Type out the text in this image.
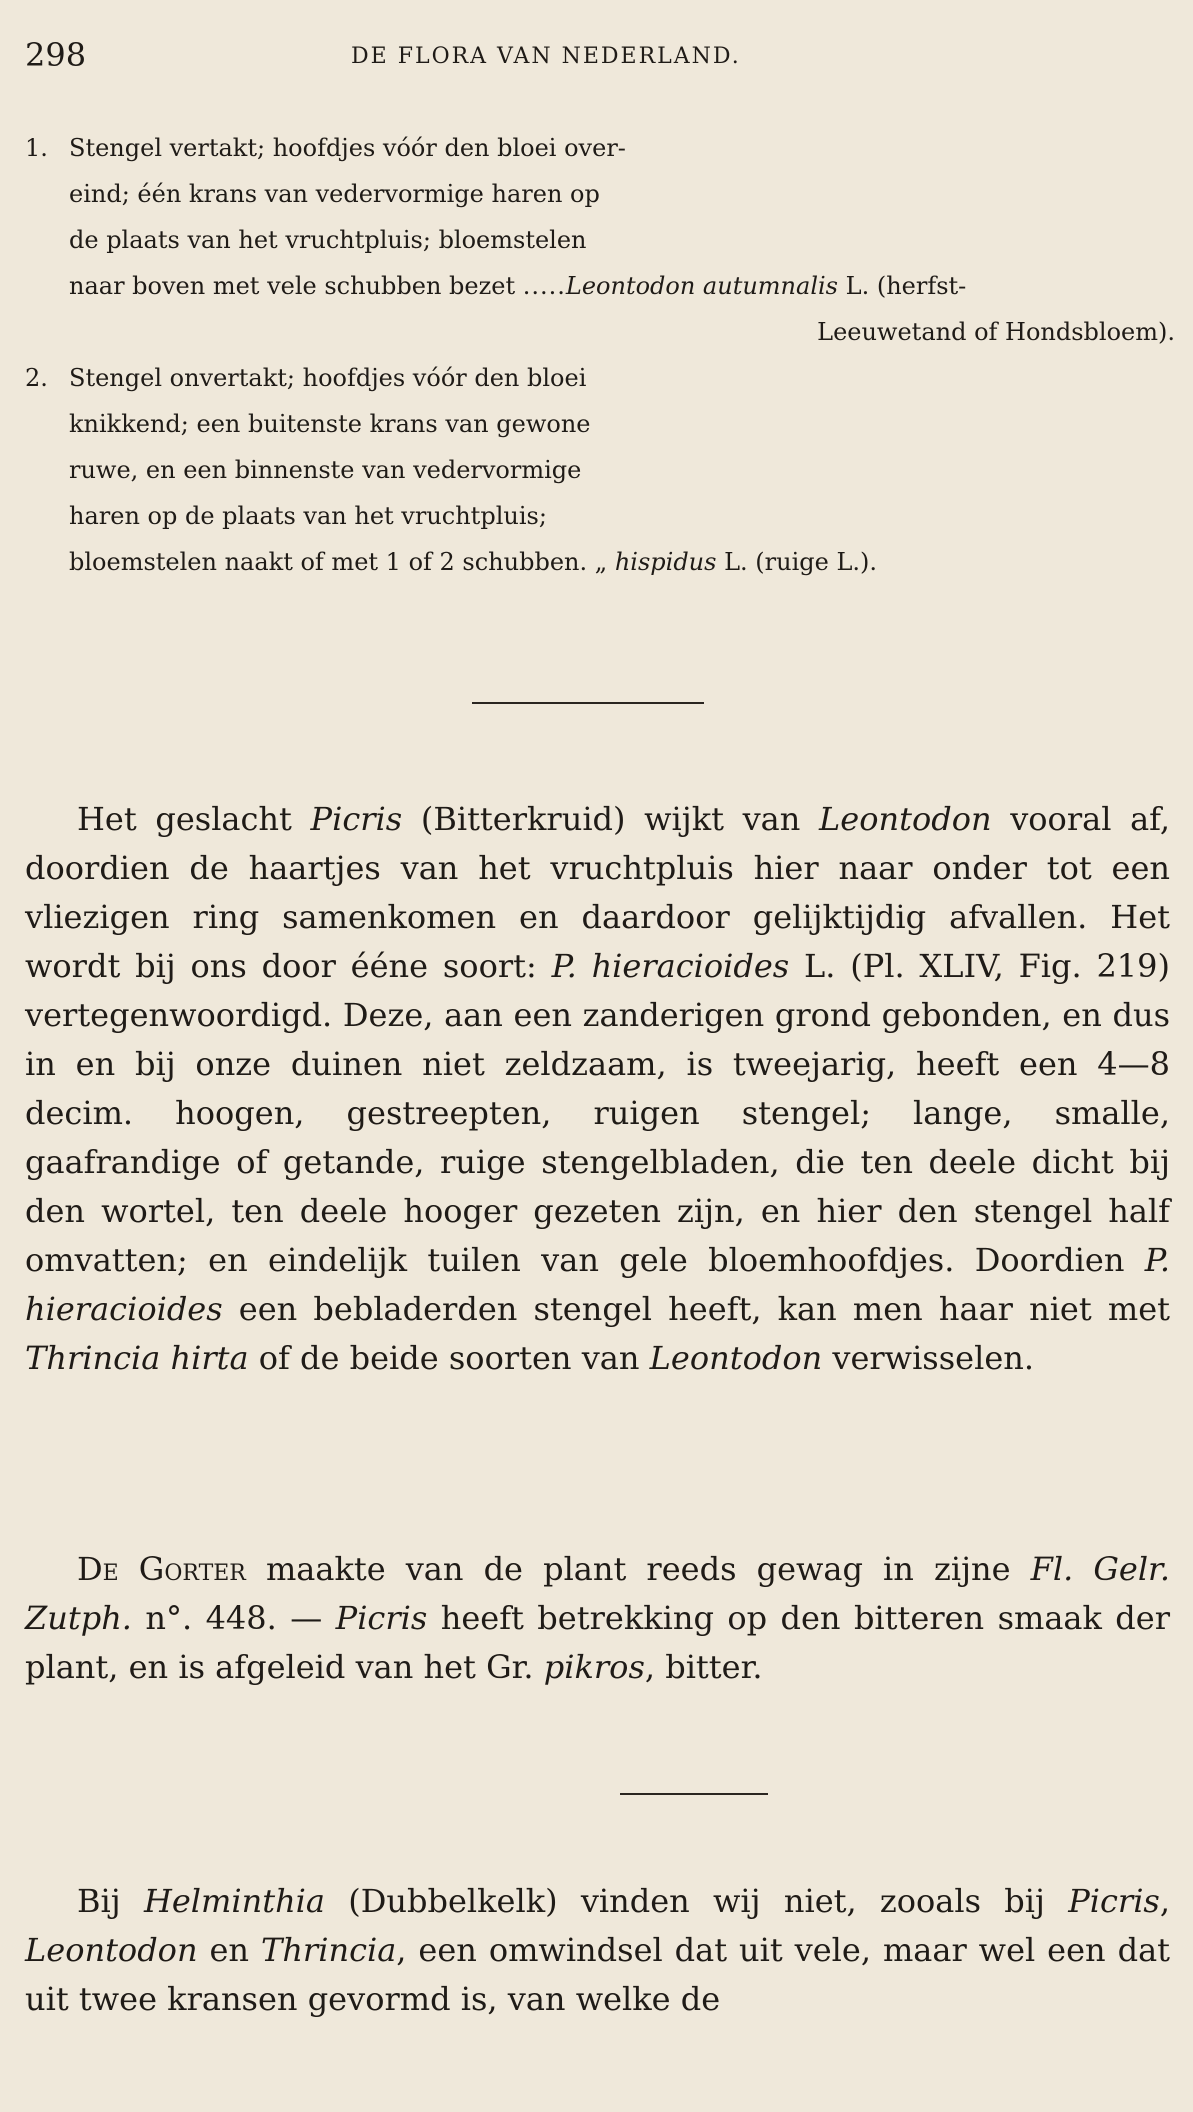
298	DE FLORA VAN NEDERLAND.
1. Stengel vertakt; hoofdjes vóór den bloei over-
eind; één krans van vedervormige haren op
de plaats van het vruchtpluis; bloemstelen
naar boven met vele schubben bezet .....Leontodon autumnalis L. (herfst-
Leeuwetand of Hondsbloem).
2. Stengel onvertakt; hoofdjes vóór den bloei
knikkend; een buitenste krans van gewone
ruwe, en een binnenste van vedervormige
haren op de plaats van het vruchtpluis;
bloemstelen naakt of met 1 of 2 schubben. „ hispidus L. (ruige L.).
Het geslacht Picris (Bitterkruid) wijkt van Leontodon vooral af, doordien de haartjes van het vruchtpluis hier naar onder tot een vliezigen ring samenkomen en daardoor gelijktijdig afvallen. Het wordt bij ons door ééne soort: P. hieracioides L. (Pl. XLIV, Fig. 219) vertegenwoordigd. Deze, aan een zanderigen grond gebonden, en dus in en bij onze duinen niet zeldzaam, is tweejarig, heeft een 4—8 decim. hoogen, gestreepten, ruigen stengel; lange, smalle, gaafrandige of getande, ruige stengelbladen, die ten deele dicht bij den wortel, ten deele hooger gezeten zijn, en hier den stengel half omvatten; en eindelijk tuilen van gele bloemhoofdjes. Doordien P. hieracioides een bebladerden stengel heeft, kan men haar niet met Thrincia hirta of de beide soorten van Leontodon verwisselen.
De Gorter maakte van de plant reeds gewag in zijne Fl. Gelr. Zutph. n°. 448. — Picris heeft betrekking op den bitteren smaak der plant, en is afgeleid van het Gr. pikros, bitter.
Bij Helminthia (Dubbelkelk) vinden wij niet, zooals bij Picris, Leontodon en Thrincia, een omwindsel dat uit vele, maar wel een dat uit twee kransen gevormd is, van welke de
